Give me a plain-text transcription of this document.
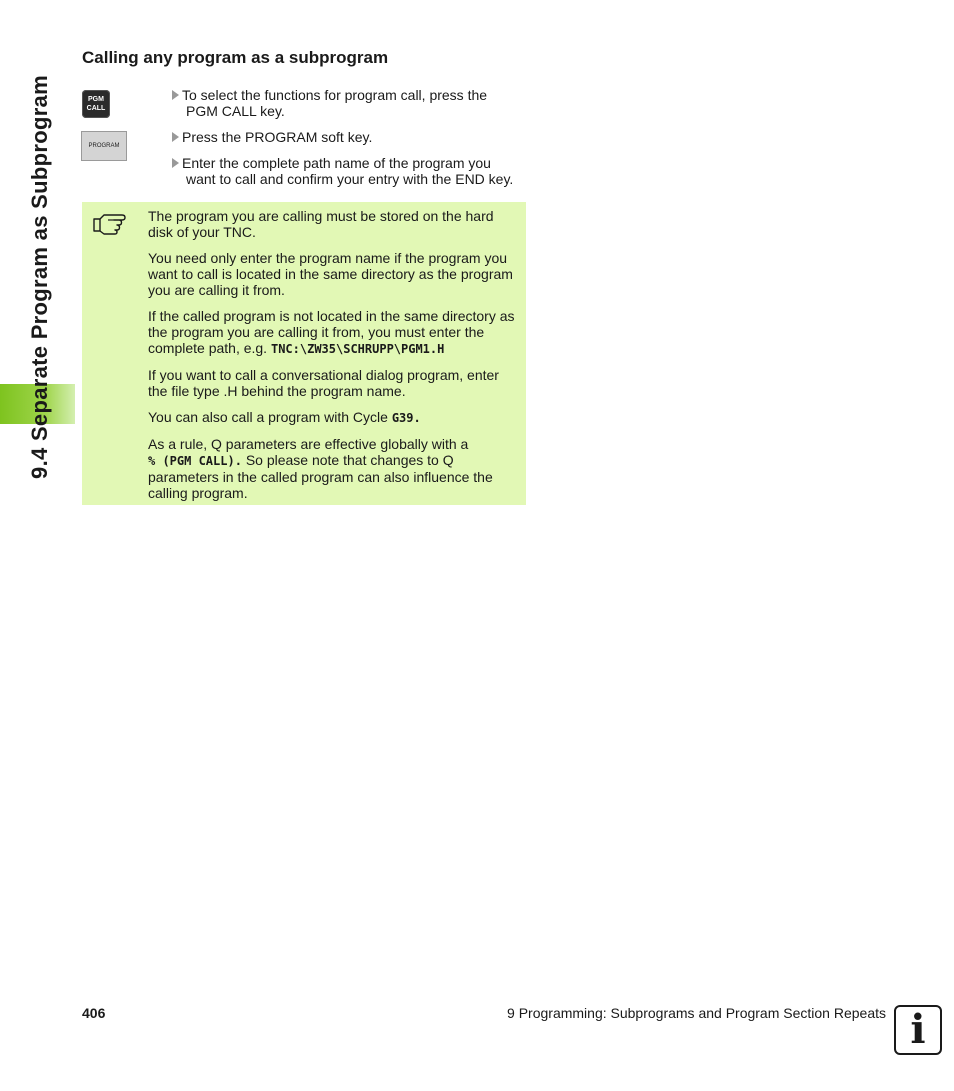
9.4 Separate Program as Subprogram
Calling any program as a subprogram
PGM
CALL
PROGRAM
To select the functions for program call, press the
PGM CALL key.
Press the PROGRAM soft key.
Enter the complete path name of the program you
want to call and confirm your entry with the END key.

The program you are calling must be stored on the hard disk of your TNC.

You need only enter the program name if the program you want to call is located in the same directory as the program you are calling it from.

If the called program is not located in the same directory as the program you are calling it from, you must enter the complete path, e.g. TNC:\ZW35\SCHRUPP\PGM1.H

If you want to call a conversational dialog program, enter the file type .H behind the program name.

You can also call a program with Cycle G39.

As a rule, Q parameters are effective globally with a
% (PGM CALL). So please note that changes to Q parameters in the called program can also influence the calling program.

406	9 Programming: Subprograms and Program Section Repeats i
